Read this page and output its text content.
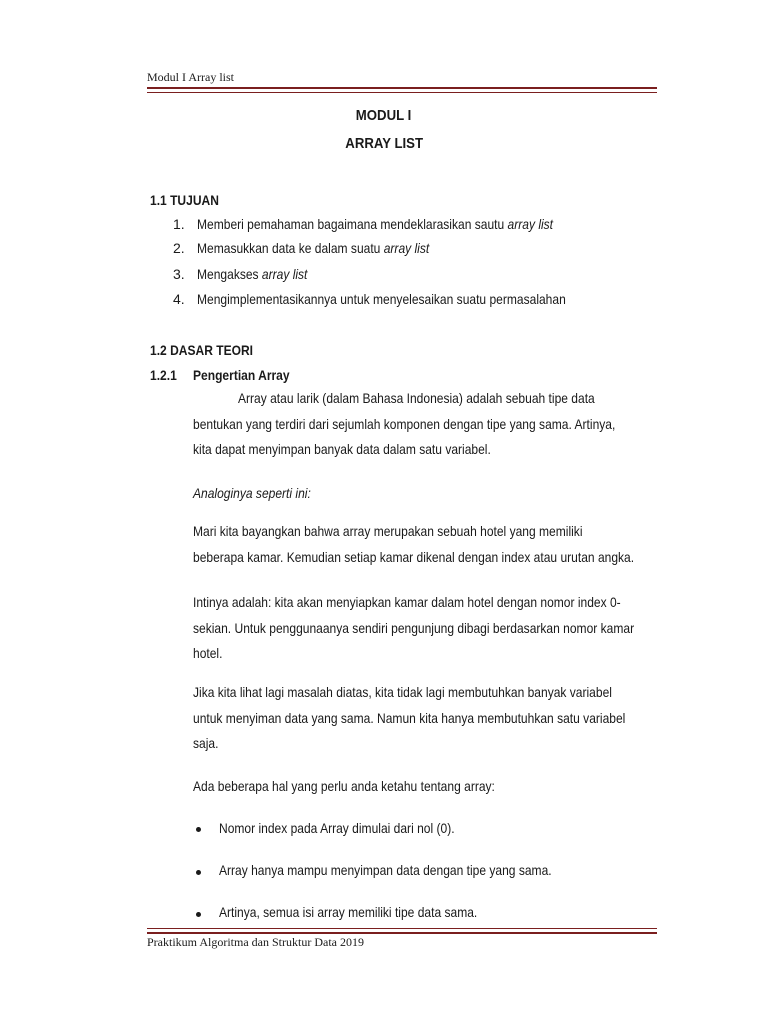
Modul I Array list
MODUL I
ARRAY LIST
1.1 TUJUAN
1. Memberi pemahaman bagaimana mendeklarasikan sautu array list
2. Memasukkan data ke dalam suatu array list
3. Mengakses array list
4. Mengimplementasikannya untuk menyelesaikan suatu permasalahan
1.2 DASAR TEORI
1.2.1 Pengertian Array
Array atau larik (dalam Bahasa Indonesia) adalah sebuah tipe data
bentukan yang terdiri dari sejumlah komponen dengan tipe yang sama. Artinya,
kita dapat menyimpan banyak data dalam satu variabel.
Analoginya seperti ini:
Mari kita bayangkan bahwa array merupakan sebuah hotel yang memiliki
beberapa kamar. Kemudian setiap kamar dikenal dengan index atau urutan angka.
Intinya adalah: kita akan menyiapkan kamar dalam hotel dengan nomor index 0-
sekian. Untuk penggunaanya sendiri pengunjung dibagi berdasarkan nomor kamar
hotel.
Jika kita lihat lagi masalah diatas, kita tidak lagi membutuhkan banyak variabel
untuk menyiman data yang sama. Namun kita hanya membutuhkan satu variabel
saja.
Ada beberapa hal yang perlu anda ketahu tentang array:
Nomor index pada Array dimulai dari nol (0).
Array hanya mampu menyimpan data dengan tipe yang sama.
Artinya, semua isi array memiliki tipe data sama.
Praktikum Algoritma dan Struktur Data 2019
